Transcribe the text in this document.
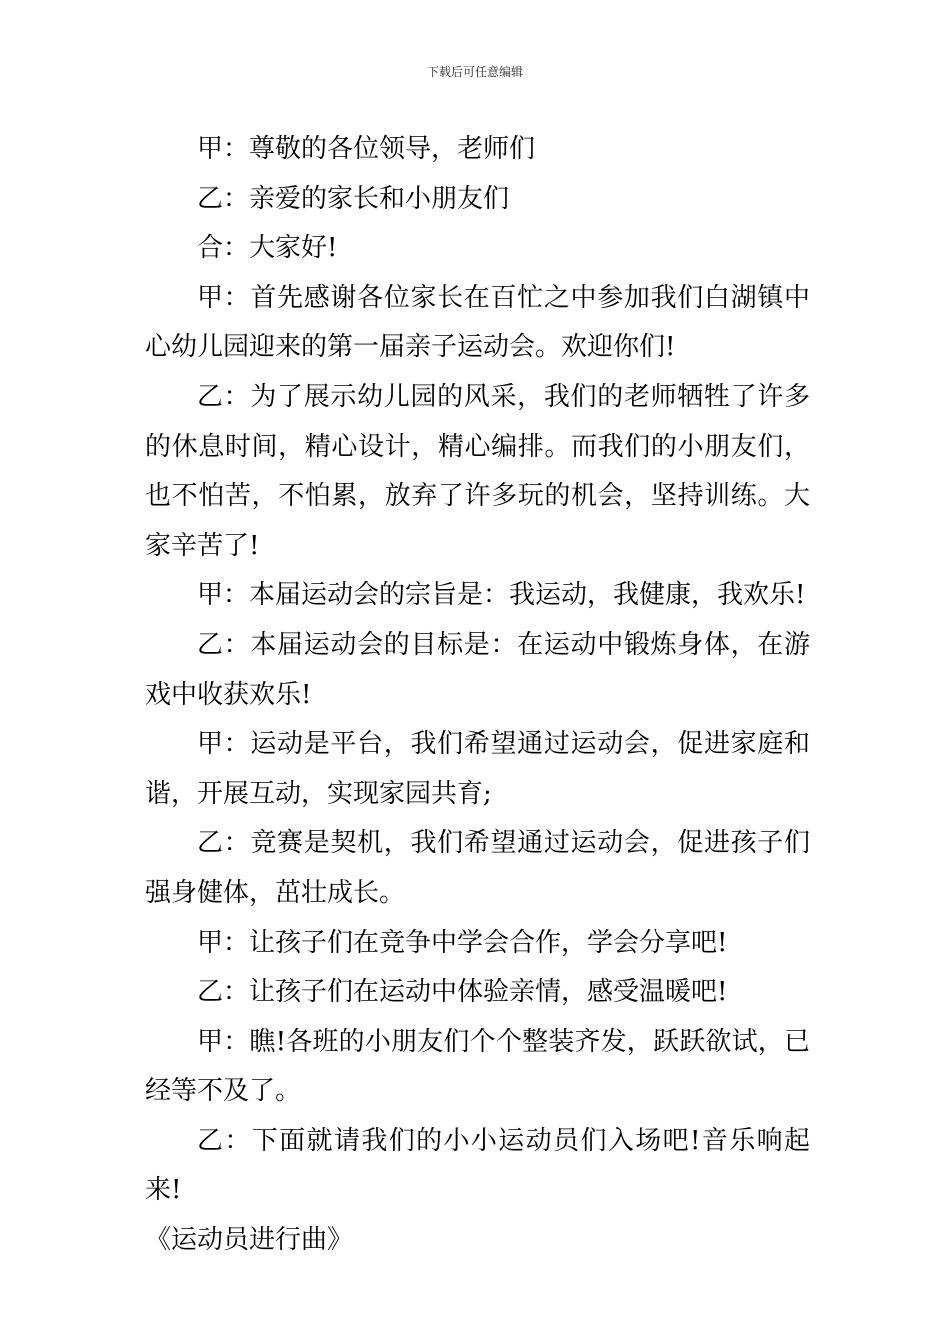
下载后可任意编辑

甲：尊敬的各位领导，老师们

乙：亲爱的家长和小朋友们

合：大家好!

甲：首先感谢各位家长在百忙之中参加我们白湖镇中心幼儿园迎来的第一届亲子运动会。欢迎你们!

乙：为了展示幼儿园的风采，我们的老师牺牲了许多的休息时间，精心设计，精心编排。而我们的小朋友们，也不怕苦，不怕累，放弃了许多玩的机会，坚持训练。大家辛苦了!

甲：本届运动会的宗旨是：我运动，我健康，我欢乐!

乙：本届运动会的目标是：在运动中锻炼身体，在游戏中收获欢乐!

甲：运动是平台，我们希望通过运动会，促进家庭和谐，开展互动，实现家园共育;

乙：竞赛是契机，我们希望通过运动会，促进孩子们强身健体，茁壮成长。

甲：让孩子们在竞争中学会合作，学会分享吧!

乙：让孩子们在运动中体验亲情，感受温暖吧!

甲：瞧!各班的小朋友们个个整装齐发，跃跃欲试，已经等不及了。

乙：下面就请我们的小小运动员们入场吧!音乐响起来!

《运动员进行曲》
